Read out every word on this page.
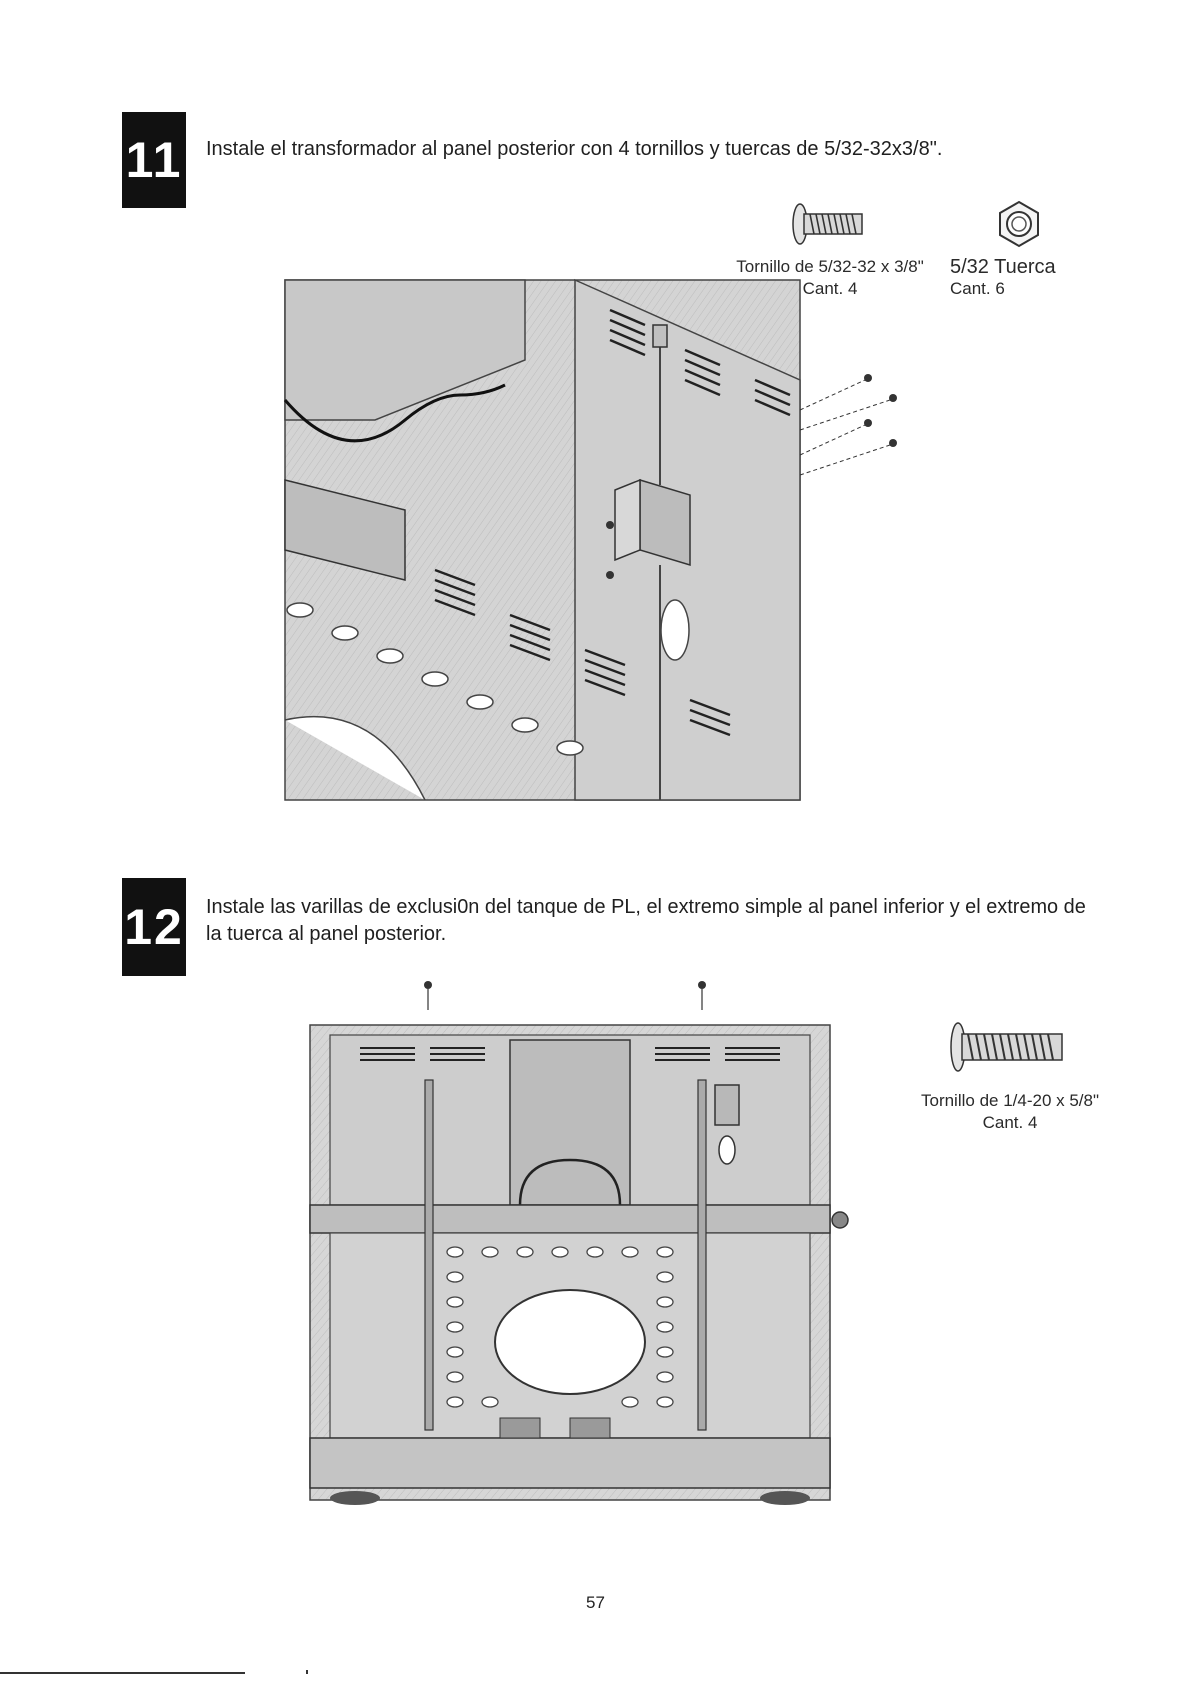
11 Instale el transformador al panel posterior con 4 tornillos y tuercas de 5/32-32x3/8".
Tornillo de 5/32-32 x 3/8"
Cant. 4
5/32 Tuerca
Cant. 6
12 Instale las varillas de exclusi0n del tanque de PL, el extremo simple al panel inferior y el extremo de
la tuerca al panel posterior.
Tornillo de 1/4-20 x 5/8"
Cant. 4
57
